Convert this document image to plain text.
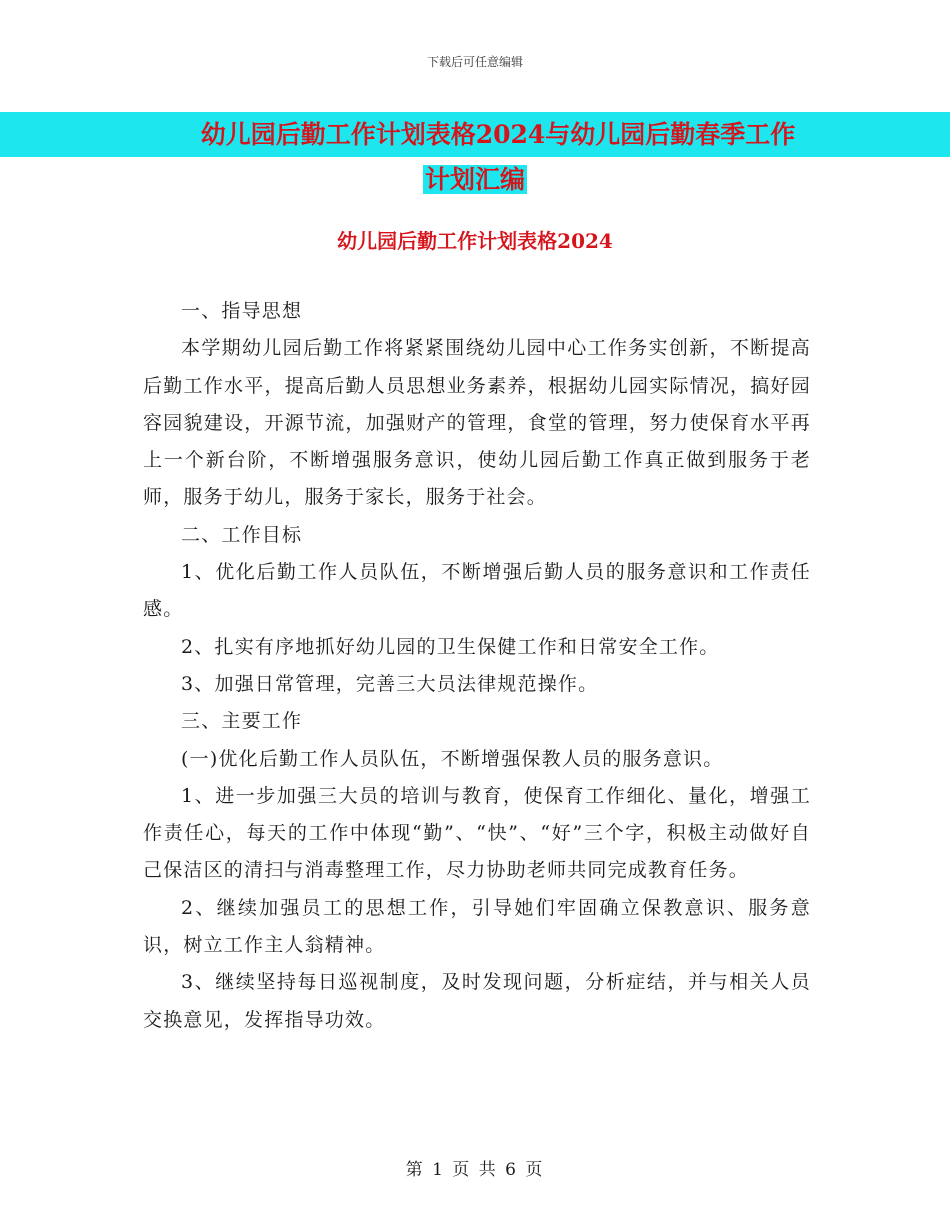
下载后可任意编辑
幼儿园后勤工作计划表格2024与幼儿园后勤春季工作
计划汇编
幼儿园后勤工作计划表格2024

一、指导思想

本学期幼儿园后勤工作将紧紧围绕幼儿园中心工作务实创新，不断提高后勤工作水平，提高后勤人员思想业务素养，根据幼儿园实际情况，搞好园容园貌建设，开源节流，加强财产的管理，食堂的管理，努力使保育水平再上一个新台阶，不断增强服务意识，使幼儿园后勤工作真正做到服务于老师，服务于幼儿，服务于家长，服务于社会。

二、工作目标

1、优化后勤工作人员队伍，不断增强后勤人员的服务意识和工作责任感。

2、扎实有序地抓好幼儿园的卫生保健工作和日常安全工作。

3、加强日常管理，完善三大员法律规范操作。

三、主要工作

(一)优化后勤工作人员队伍，不断增强保教人员的服务意识。

1、进一步加强三大员的培训与教育，使保育工作细化、量化，增强工作责任心，每天的工作中体现“勤”、“快”、“好”三个字，积极主动做好自己保洁区的清扫与消毒整理工作，尽力协助老师共同完成教育任务。

2、继续加强员工的思想工作，引导她们牢固确立保教意识、服务意识，树立工作主人翁精神。

3、继续坚持每日巡视制度，及时发现问题，分析症结，并与相关人员交换意见，发挥指导功效。

第 1 页 共 6 页
